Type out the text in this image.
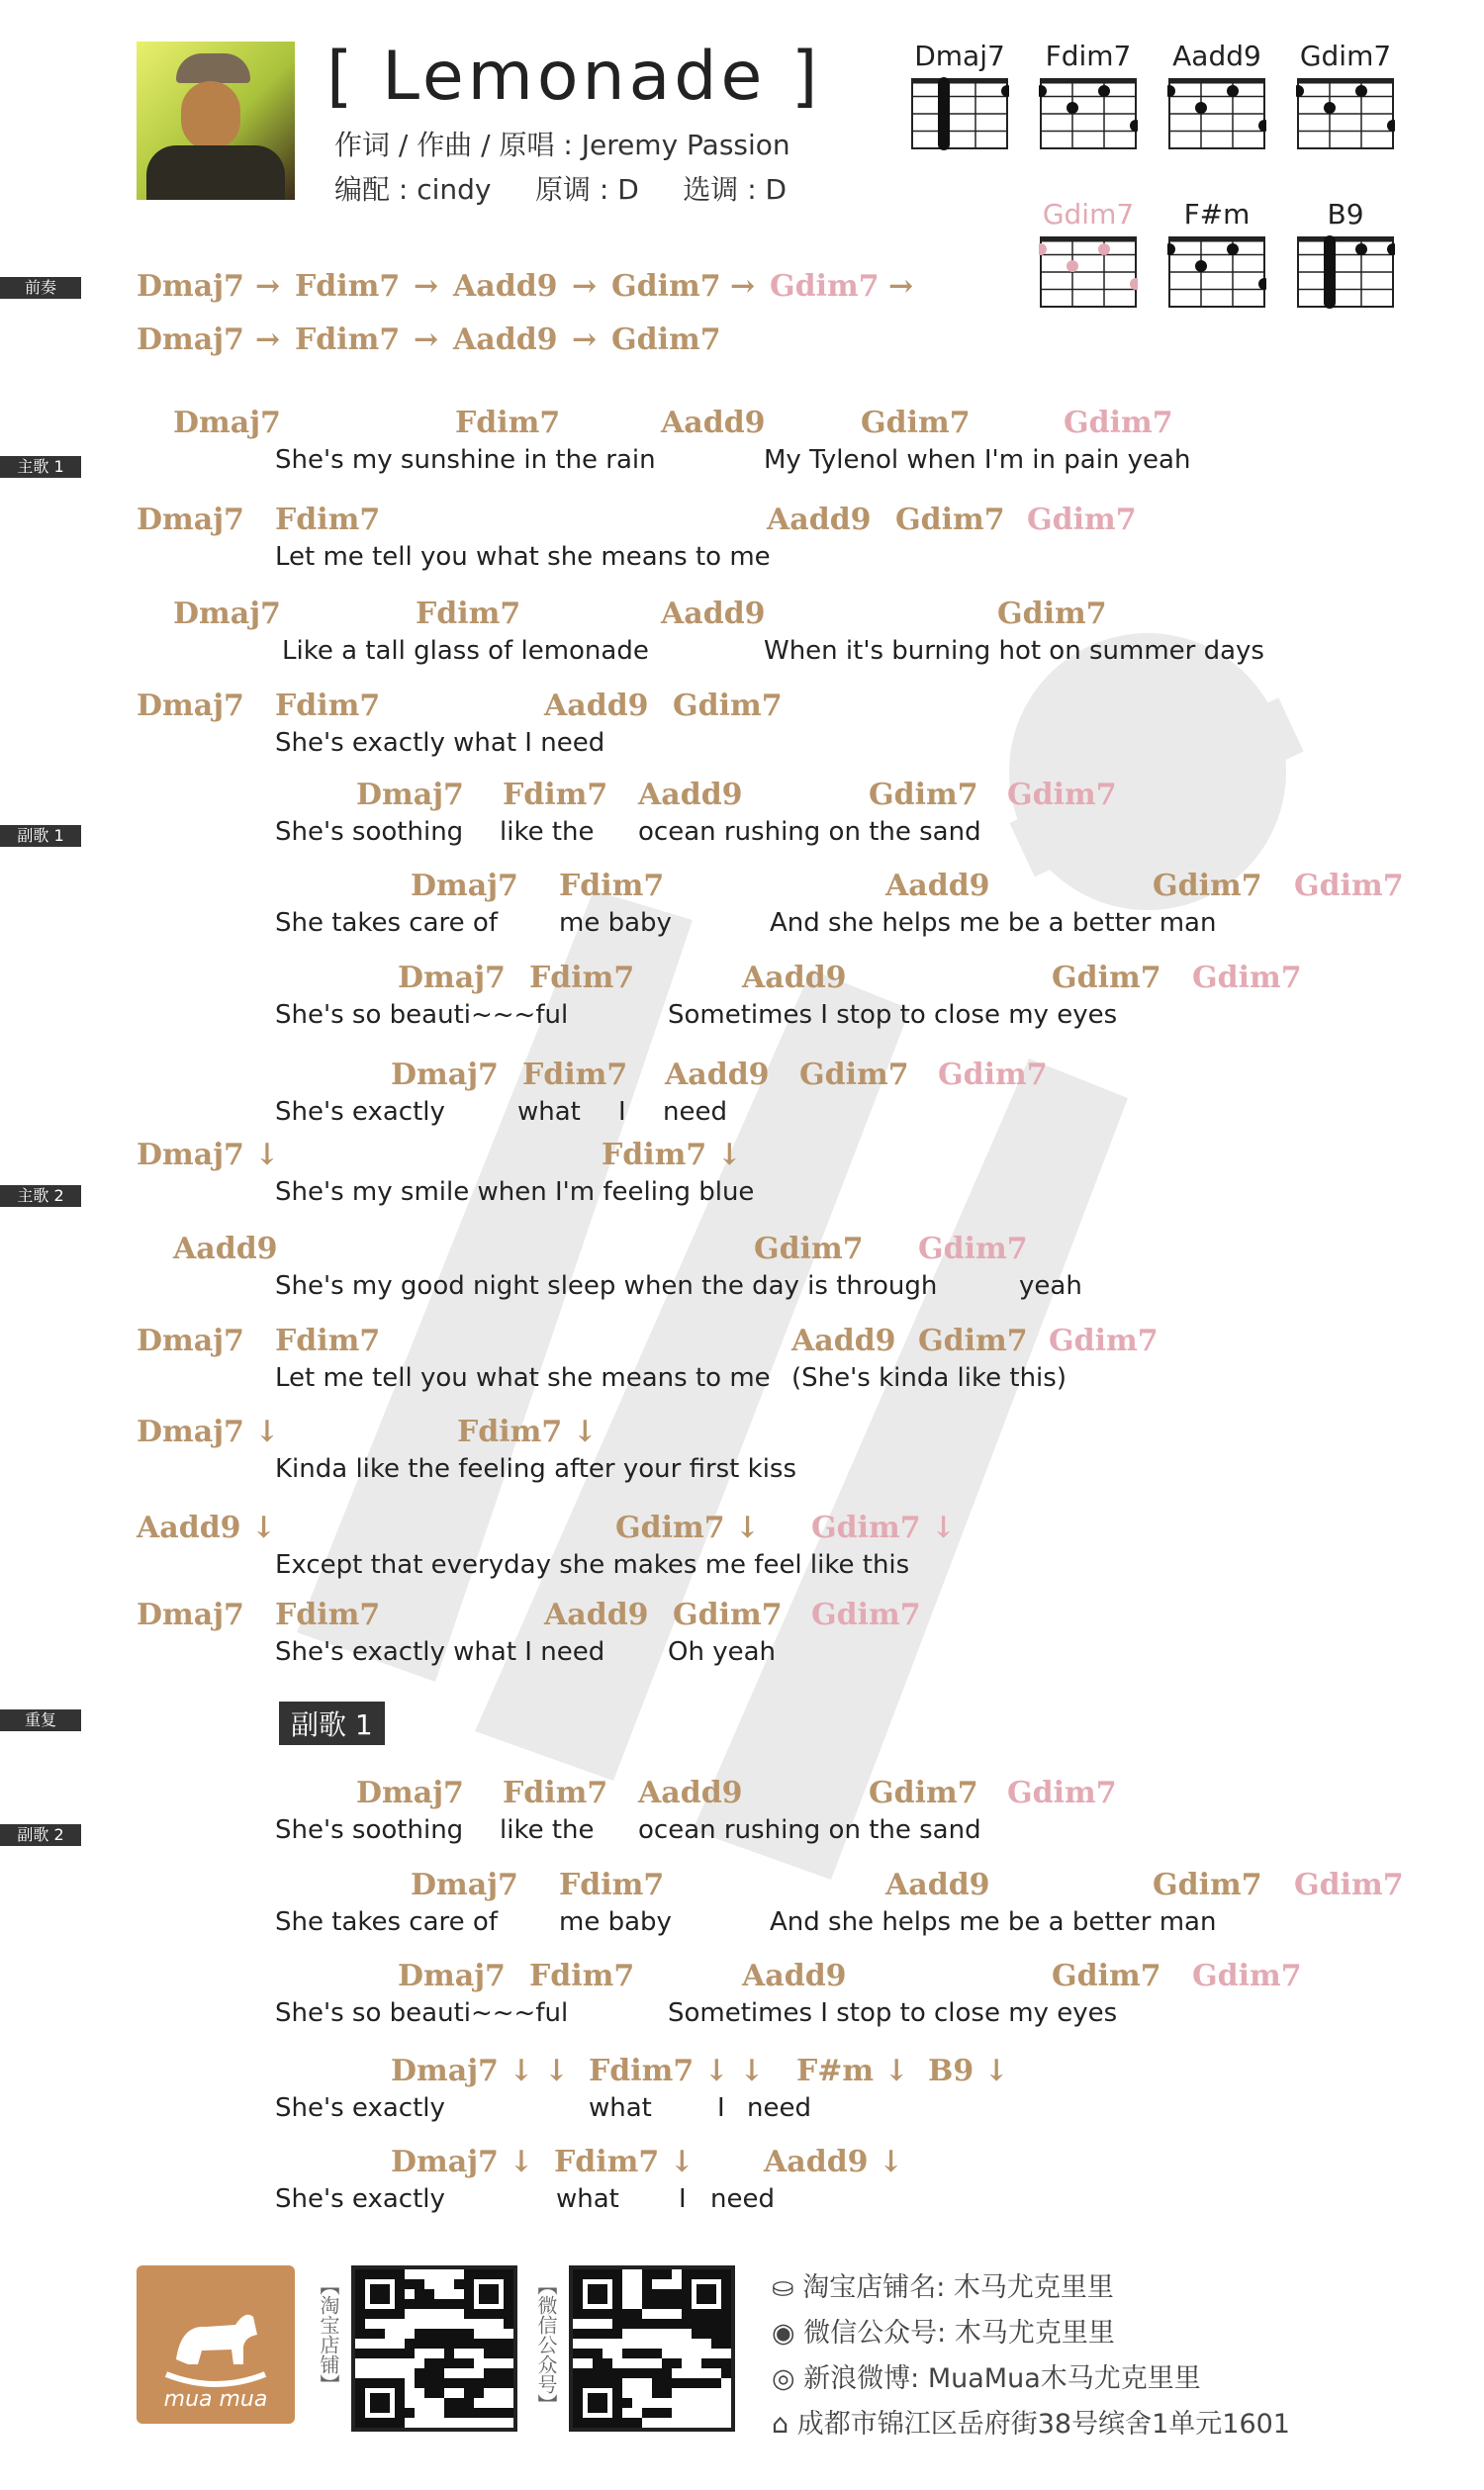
[ Lemonade ]
作词 / 作曲 / 原唱 : Jeremy Passion
编配 : cindy     原调 : D     选调 : D
Dmaj7	Fdim7	Aadd9	Gdim7
Gdim7	F#m	B9
前奏	Dmaj7 → Fdim7 → Aadd9 → Gdim7 → Gdim7 →
Dmaj7 → Fdim7 → Aadd9 → Gdim7
主歌 1
副歌 1
主歌 2
重复
副歌 2
副歌 1
Dmaj7	Fdim7	Aadd9	Gdim7	Gdim7
She's my sunshine in the rain	My Tylenol when I'm in pain yeah
Dmaj7 Fdim7	Aadd9 Gdim7 Gdim7
Let me tell you what she means to me
Dmaj7	Fdim7	Aadd9	Gdim7
Like a tall glass of lemonade	When it's burning hot on summer days
Dmaj7 Fdim7	Aadd9 Gdim7
She's exactly what I need
Dmaj7 Fdim7 Aadd9	Gdim7 Gdim7
She's soothing like the ocean rushing on the sand
Dmaj7 Fdim7	Aadd9	Gdim7 Gdim7
She takes care of me baby	And she helps me be a better man
Dmaj7 Fdim7	Aadd9	Gdim7 Gdim7
She's so beauti~~~ful	Sometimes I stop to close my eyes
Dmaj7 Fdim7 Aadd9 Gdim7 Gdim7
She's exactly	what I need
Dmaj7 ↓	Fdim7 ↓
She's my smile when I'm feeling blue
Aadd9	Gdim7 Gdim7
She's my good night sleep when the day is through	yeah
Dmaj7 Fdim7	Aadd9 Gdim7 Gdim7
Let me tell you what she means to me (She's kinda like this)
Dmaj7 ↓	Fdim7 ↓
Kinda like the feeling after your first kiss
Aadd9 ↓	Gdim7 ↓ Gdim7 ↓
Except that everyday she makes me feel like this
Dmaj7 Fdim7	Aadd9 Gdim7 Gdim7
She's exactly what I need Oh yeah
Dmaj7 Fdim7 Aadd9	Gdim7 Gdim7
She's soothing like the ocean rushing on the sand
Dmaj7 Fdim7	Aadd9	Gdim7 Gdim7
She takes care of me baby	And she helps me be a better man
Dmaj7 Fdim7	Aadd9	Gdim7 Gdim7
She's so beauti~~~ful	Sometimes I stop to close my eyes
Dmaj7 ↓ ↓ Fdim7 ↓ ↓ F#m ↓ B9 ↓
She's exactly	what	I need
Dmaj7 ↓ Fdim7 ↓ Aadd9 ↓
She's exactly	what I need
mua mua
【淘宝店铺】	【微信公众号】	⛀ 淘宝店铺名: 木马尤克里里
◉ 微信公众号: 木马尤克里里
◎ 新浪微博: MuaMua木马尤克里里
⌂ 成都市锦江区岳府街38号缤舍1单元1601
